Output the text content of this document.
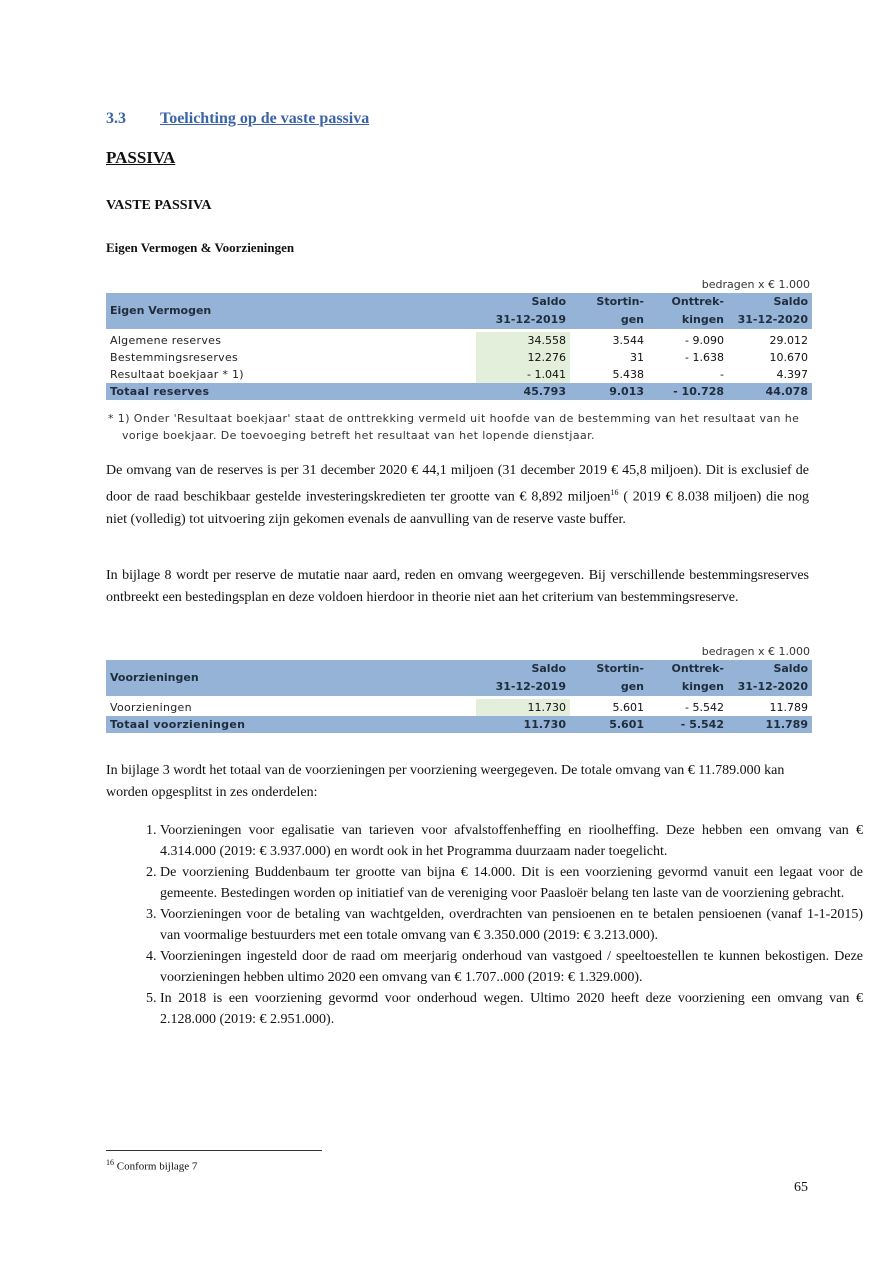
3.3 Toelichting op de vaste passiva
PASSIVA
VASTE PASSIVA
Eigen Vermogen & Voorzieningen
bedragen x € 1.000
Eigen Vermogen	Saldo	Stortin-	Onttrek-	Saldo
	31-12-2019	gen	kingen	31-12-2020
Algemene reserves	34.558	3.544	- 9.090	29.012
Bestemmingsreserves	12.276	31	- 1.638	10.670
Resultaat boekjaar * 1)	- 1.041	5.438	-	4.397
Totaal reserves	45.793	9.013	- 10.728	44.078
* 1) Onder 'Resultaat boekjaar' staat de onttrekking vermeld uit hoofde van de bestemming van het resultaat van he
vorige boekjaar. De toevoeging betreft het resultaat van het lopende dienstjaar.
De omvang van de reserves is per 31 december 2020 € 44,1 miljoen (31 december 2019 € 45,8 miljoen). Dit is exclusief de door de raad beschikbaar gestelde investeringskredieten ter grootte van € 8,892 miljoen$^{16}$ ( 2019 € 8.038 miljoen) die nog niet (volledig) tot uitvoering zijn gekomen evenals de aanvulling van de reserve vaste buffer.
In bijlage 8 wordt per reserve de mutatie naar aard, reden en omvang weergegeven. Bij verschillende bestemmingsreserves ontbreekt een bestedingsplan en deze voldoen hierdoor in theorie niet aan het criterium van bestemmingsreserve.
bedragen x € 1.000
Voorzieningen	Saldo	Stortin-	Onttrek-	Saldo
	31-12-2019	gen	kingen	31-12-2020
Voorzieningen	11.730	5.601	- 5.542	11.789
Totaal voorzieningen	11.730	5.601	- 5.542	11.789
In bijlage 3 wordt het totaal van de voorzieningen per voorziening weergegeven. De totale omvang van € 11.789.000 kan worden opgesplitst in zes onderdelen:
1. Voorzieningen voor egalisatie van tarieven voor afvalstoffenheffing en rioolheffing. Deze hebben een omvang van € 4.314.000 (2019: € 3.937.000) en wordt ook in het Programma duurzaam nader toegelicht.
2. De voorziening Buddenbaum ter grootte van bijna € 14.000. Dit is een voorziening gevormd vanuit een legaat voor de gemeente. Bestedingen worden op initiatief van de vereniging voor Paasloër belang ten laste van de voorziening gebracht.
3. Voorzieningen voor de betaling van wachtgelden, overdrachten van pensioenen en te betalen pensioenen (vanaf 1-1-2015) van voormalige bestuurders met een totale omvang van € 3.350.000 (2019: € 3.213.000).
4. Voorzieningen ingesteld door de raad om meerjarig onderhoud van vastgoed / speeltoestellen te kunnen bekostigen. Deze voorzieningen hebben ultimo 2020 een omvang van € 1.707..000 (2019: € 1.329.000).
5. In 2018 is een voorziening gevormd voor onderhoud wegen. Ultimo 2020 heeft deze voorziening een omvang van € 2.128.000 (2019: € 2.951.000).
$^{16}$ Conform bijlage 7
65
